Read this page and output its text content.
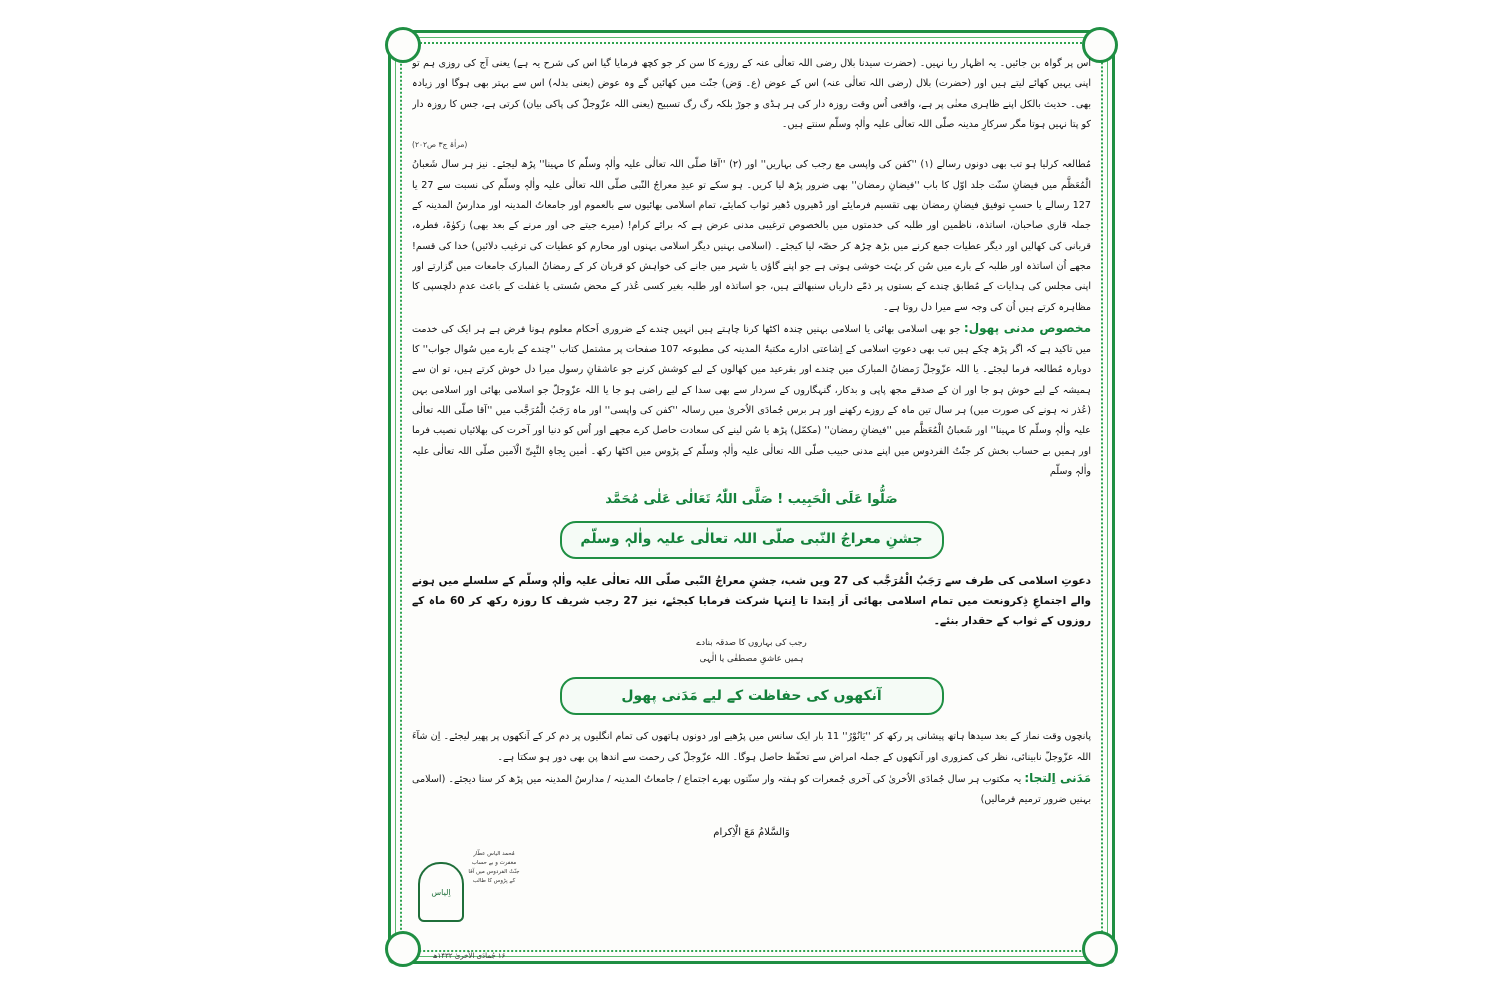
اس پر گواہ بن جائیں۔ یہ اظہار ریا نہیں۔ (حضرت سیدنا بلال رضی اللہ تعالٰی عنہ کے روزے کا سن کر جو کچھ فرمایا گیا اس کی شرح یہ ہے) یعنی آج کی روزی ہم تو اپنی یہیں کھائے لیتے ہیں اور (حضرت) بلال (رضی اللہ تعالٰی عنہ) اس کے عوض (ع۔ وَض) جنّت میں کھائیں گے وہ عوض (یعنی بدلہ) اس سے بہتر بھی ہوگا اور زیادہ بھی۔ حدیث بالکل اپنے ظاہری معنٰی پر ہے، واقعی اُس وقت روزہ دار کی ہر ہڈی و جوڑ بلکہ رگ رگ تسبیح (یعنی اللہ عزّوجلّ کی پاکی بیان) کرتی ہے، جس کا روزہ دار کو پتا نہیں ہوتا مگر سرکارِ مدینہ صلّی اللہ تعالٰی علیہ واٰلہٖ وسلّم سنتے ہیں۔

(مراٰۃ ج۳ ص۲۰۲)

مُطالعہ کرلیا ہو تب بھی دونوں رسالے (۱) ''کفن کی واپسی مع رجب کی بہاریں'' اور (۲) ''آقا صلّی اللہ تعالٰی علیہ واٰلہٖ وسلّم کا مہینا'' پڑھ لیجئے۔ نیز ہر سال شَعبانُ الْمُعَظَّم میں فیضانِ سنّت جلد اوّل کا باب ''فیضانِ رمضان'' بھی ضرور پڑھ لیا کریں۔ ہو سکے تو عیدِ معراجُ النّبی صلّی اللہ تعالٰی علیہ واٰلہٖ وسلّم کی نسبت سے 27 یا 127 رسالے یا حسبِ توفیق فیضانِ رمضان بھی تقسیم فرمایئے اور ڈھیروں ڈھیر ثواب کمایئے، تمام اسلامی بھائیوں سے بالعموم اور جامعاتُ المدینہ اور مدارسُ المدینہ کے جملہ قاری صاحبان، اساتذہ، ناظمین اور طلبہ کی خدمتوں میں بالخصوص ترغیبی مدنی عرض ہے کہ برائے کرام! (میرے جیتے جی اور مرنے کے بعد بھی) زکوٰۃ، فطرہ، قربانی کی کھالیں اور دیگر عطیات جمع کرنے میں بڑھ چڑھ کر حصّہ لیا کیجئے۔ (اسلامی بہنیں دیگر اسلامی بہنوں اور محارم کو عطیات کی ترغیب دلائیں) خدا کی قسم! مجھے اُن اساتذہ اور طلبہ کے بارے میں سُن کر بہُت خوشی ہوتی ہے جو اپنے گاؤں یا شہر میں جانے کی خواہش کو قربان کر کے رمضانُ المبارک جامعات میں گزارتے اور اپنی مجلس کی ہدایات کے مُطابق چندے کے بستوں پر ذمّے داریاں سنبھالتے ہیں، جو اساتذہ اور طلبہ بغیر کسی عُذر کے محض سُستی یا غفلت کے باعث عدمِ دلچسپی کا مظاہرہ کرتے ہیں اُن کی وجہ سے میرا دل روتا ہے۔

مخصوص مدنی پھول: جو بھی اسلامی بھائی یا اسلامی بہنیں چندہ اکٹھا کرنا چاہتے ہیں انہیں چندے کے ضروری اَحکام معلوم ہونا فرض ہے ہر ایک کی خدمت میں تاکید ہے کہ اگر پڑھ چکے ہیں تب بھی دعوتِ اسلامی کے اِشاعتی ادارے مکتبۃُ المدینہ کی مطبوعہ 107 صفحات پر مشتمل کتاب ''چندے کے بارے میں سُوال جواب'' کا دوبارہ مُطالعہ فرما لیجئے۔ یا اللہ عزّوجلّ رَمضانُ المبارک میں چندے اور بقرعید میں کھالوں کے لیے کوشش کرنے جو عاشقانِ رسول میرا دل خوش کرتے ہیں، تو ان سے ہمیشہ کے لیے خوش ہو جا اور ان کے صدقے مجھ پاپی و بدکار، گنہگاروں کے سردار سے بھی سدا کے لیے راضی ہو جا یا اللہ عزّوجلّ جو اسلامی بھائی اور اسلامی بہن (عُذر نہ ہونے کی صورت میں) ہر سال تین ماہ کے روزے رکھنے اور ہر برس جُمادَی الاُخریٰ میں رسالہ ''کفن کی واپسی'' اور ماہ رَجَبُ الْمُرَجَّب میں ''آقا صلّی اللہ تعالٰی علیہ واٰلہٖ وسلّم کا مہینا'' اور شَعبانُ الْمُعَظَّم میں ''فیضانِ رمضان'' (مکمّل) پڑھ یا سُن لینے کی سعادت حاصل کرے مجھے اور اُس کو دنیا اور آخرت کی بھلائیاں نصیب فرما اور ہمیں بے حساب بخش کر جنّتُ الفردوس میں اپنے مدنی حبیب صلّی اللہ تعالٰی علیہ واٰلہٖ وسلّم کے پڑوس میں اکٹھا رکھ۔ اٰمین بِجاہِ النَّبِیِّ الْاَمین صلّی اللہ تعالٰی علیہ واٰلہٖ وسلّم

صَلُّوا عَلَی الْحَبِیب ! صَلَّی اللّٰہُ تَعَالٰی عَلٰی مُحَمَّد
جشنِ معراجُ النّبی صلّی اللہ تعالٰی علیہ واٰلہٖ وسلّم

دعوتِ اسلامی کی طرف سے رَجَبُ الْمُرَجَّب کی 27 ویں شب، جشنِ معراجُ النّبی صلّی اللہ تعالٰی علیہ واٰلہٖ وسلّم کے سلسلے میں ہونے والے اجتماعِ ذِکرونعت میں تمام اسلامی بھائی اَز اِبتدا تا اِنتہا شرکت فرمایا کیجئے، نیز 27 رجب شریف کا روزہ رکھ کر 60 ماہ کے روزوں کے ثواب کے حقدار بنئے۔

رجب کی بہاروں کا صدقہ بنادے
ہمیں عاشقِ مصطفٰی یا الٰہی
آنکھوں کی حفاظت کے لیے مَدَنی پھول

پانچوں وقت نماز کے بعد سیدھا ہاتھ پیشانی پر رکھ کر ''یَانُوْرُ'' 11 بار ایک سانس میں پڑھیے اور دونوں ہاتھوں کی تمام انگلیوں پر دم کر کے آنکھوں پر پھیر لیجئے۔ اِن شآءَ اللہ عزّوجلّ نابینائی، نظر کی کمزوری اور آنکھوں کے جملہ امراض سے تحفّظ حاصل ہوگا۔ اللہ عزّوجلّ کی رحمت سے اندھا پن بھی دور ہو سکتا ہے۔

مَدَنی اِلتجا: یہ مکتوب ہر سال جُمادَی الاُخریٰ کی آخری جُمعرات کو ہفتہ وار سنّتوں بھرے اجتماع / جامعاتُ المدینہ / مدارسُ المدینہ میں پڑھ کر سنا دیجئے۔ (اسلامی بہنیں ضرور ترمیم فرمالیں)

وَالسَّلامُ مَعَ الْاِکرام
اِلیاس
مُحمد الیاس عطّار
مغفرت و بے حساب
جنّتُ الفردوس میں آقا
کے پڑوس کا طالب
۱۶ جُمادَی الاُخریٰ ۱۴۳۲ھ
